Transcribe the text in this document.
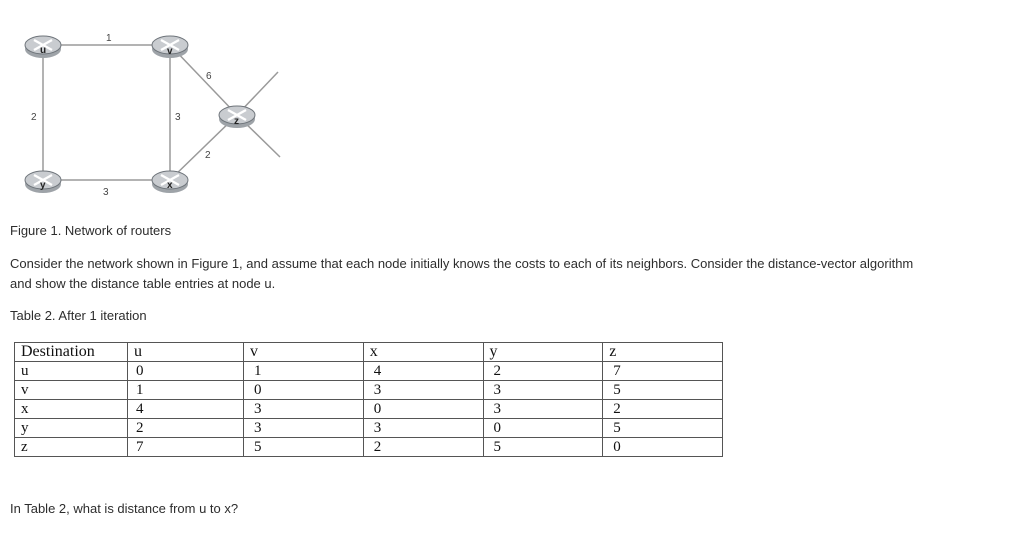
1
2	3
6
2
3
u	v
z
y	x

Figure 1. Network of routers

Consider the network shown in Figure 1, and assume that each node initially knows the costs to each of its neighbors. Consider the distance-vector algorithm
and show the distance table entries at node u.

Table 2. After 1 iteration

Destination	u	v	x	y	z
u	0	1	4	2	7
v	1	0	3	3	5
x	4	3	0	3	2
y	2	3	3	0	5
z	7	5	2	5	0

In Table 2, what is distance from u to x?
